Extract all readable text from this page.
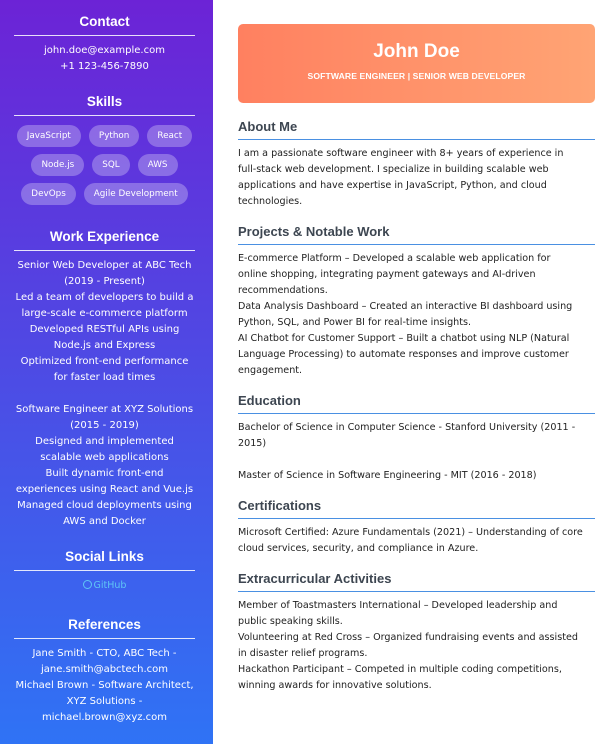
Contact
john.doe@example.com
+1 123-456-7890
Skills
JavaScript	Python	React
Node.js	SQL	AWS
DevOps	Agile Development
Work Experience
Senior Web Developer at ABC Tech
(2019 - Present)
Led a team of developers to build a
large-scale e-commerce platform
Developed RESTful APIs using
Node.js and Express
Optimized front-end performance
for faster load times
Software Engineer at XYZ Solutions
(2015 - 2019)
Designed and implemented
scalable web applications
Built dynamic front-end
experiences using React and Vue.js
Managed cloud deployments using
AWS and Docker
Social Links
GitHub
References
Jane Smith - CTO, ABC Tech -
jane.smith@abctech.com
Michael Brown - Software Architect,
XYZ Solutions -
michael.brown@xyz.com
John Doe
SOFTWARE ENGINEER | SENIOR WEB DEVELOPER
About Me
I am a passionate software engineer with 8+ years of experience in
full-stack web development. I specialize in building scalable web
applications and have expertise in JavaScript, Python, and cloud
technologies.
Projects & Notable Work
E-commerce Platform – Developed a scalable web application for
online shopping, integrating payment gateways and AI-driven
recommendations.
Data Analysis Dashboard – Created an interactive BI dashboard using
Python, SQL, and Power BI for real-time insights.
AI Chatbot for Customer Support – Built a chatbot using NLP (Natural
Language Processing) to automate responses and improve customer
engagement.
Education
Bachelor of Science in Computer Science - Stanford University (2011 -
2015)
Master of Science in Software Engineering - MIT (2016 - 2018)
Certifications
Microsoft Certified: Azure Fundamentals (2021) – Understanding of core
cloud services, security, and compliance in Azure.
Extracurricular Activities
Member of Toastmasters International – Developed leadership and
public speaking skills.
Volunteering at Red Cross – Organized fundraising events and assisted
in disaster relief programs.
Hackathon Participant – Competed in multiple coding competitions,
winning awards for innovative solutions.
